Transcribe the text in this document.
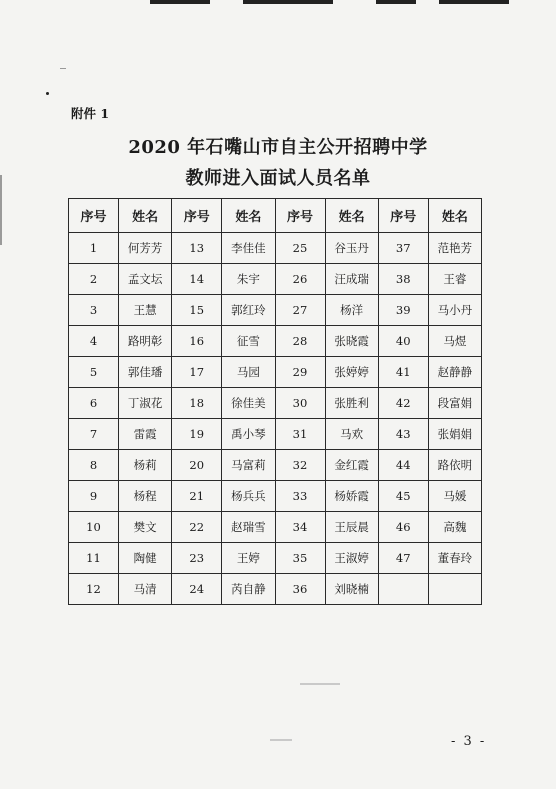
附件 1
2020 年石嘴山市自主公开招聘中学
教师进入面试人员名单
序号	姓名	序号	姓名	序号	姓名	序号	姓名
1	何芳芳	13	李佳佳	25	谷玉丹	37	范艳芳
2	孟文坛	14	朱宇	26	汪成瑞	38	王睿
3	王慧	15	郭红玲	27	杨洋	39	马小丹
4	路明彰	16	征雪	28	张晓霞	40	马煜
5	郭佳璠	17	马园	29	张婷婷	41	赵静静
6	丁淑花	18	徐佳美	30	张胜利	42	段富娟
7	雷霞	19	禹小琴	31	马欢	43	张娟娟
8	杨莉	20	马富莉	32	金红霞	44	路依明
9	杨程	21	杨兵兵	33	杨娇霞	45	马媛
10	樊文	22	赵瑞雪	34	王辰晨	46	高魏
11	陶健	23	王婷	35	王淑婷	47	董春玲
12	马清	24	芮自静	36	刘晓楠		
- 3 -
